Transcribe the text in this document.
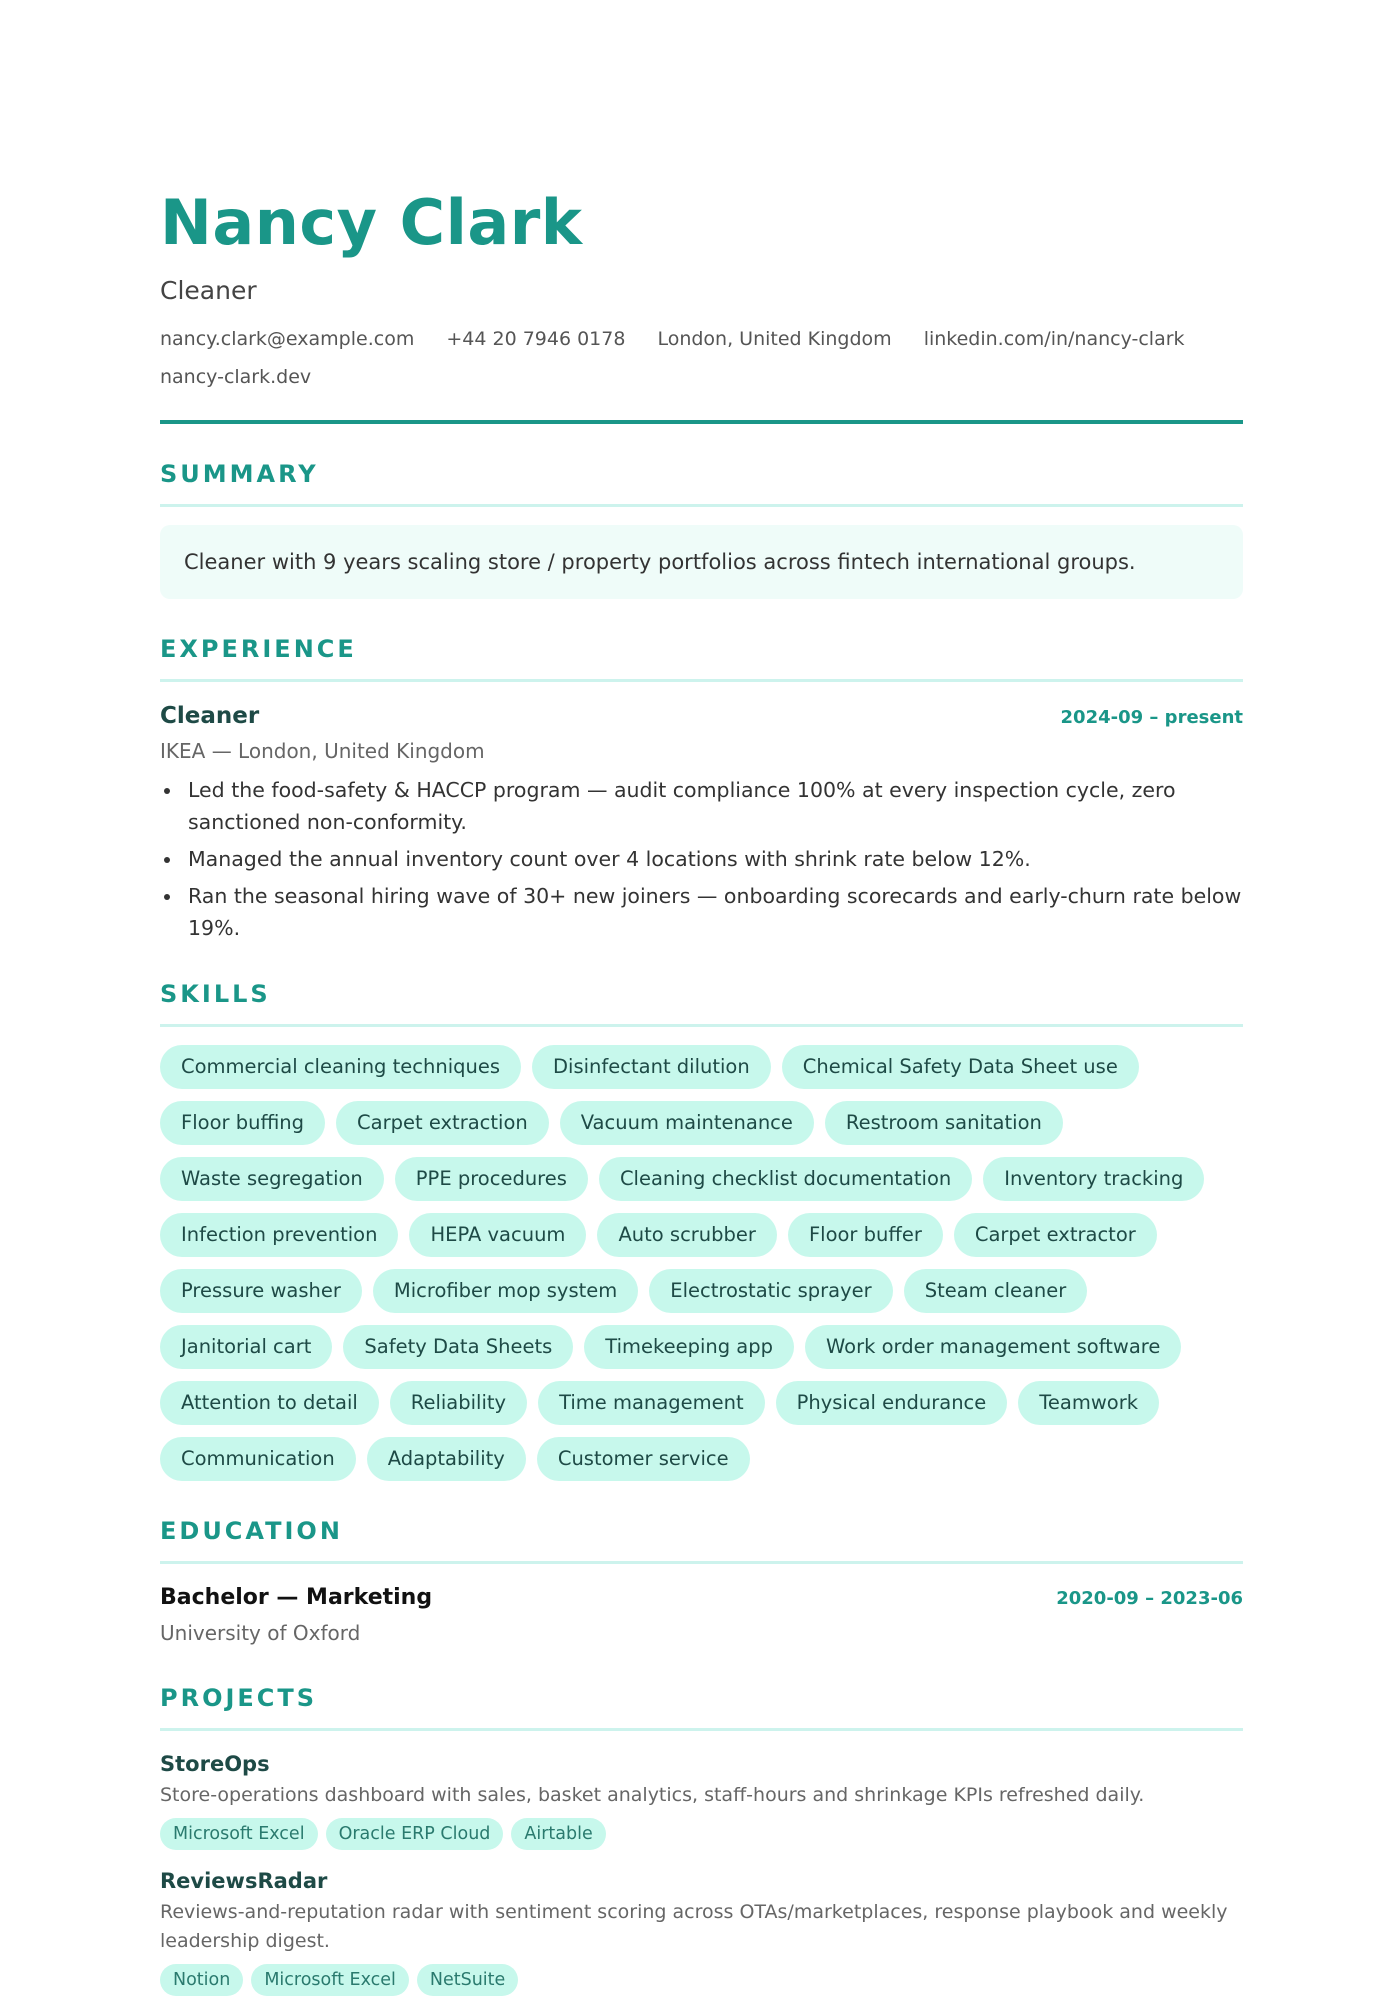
Nancy Clark
Cleaner
nancy.clark@example.com +44 20 7946 0178 London, United Kingdom linkedin.com/in/nancy-clark
nancy-clark.dev
SUMMARY
Cleaner with 9 years scaling store / property portfolios across fintech international groups.
EXPERIENCE
Cleaner	2024-09 – present
IKEA — London, United Kingdom
Led the food-safety & HACCP program — audit compliance 100% at every inspection cycle, zero sanctioned non-conformity.
Managed the annual inventory count over 4 locations with shrink rate below 12%.
Ran the seasonal hiring wave of 30+ new joiners — onboarding scorecards and early-churn rate below 19%.
SKILLS
Commercial cleaning techniques	Disinfectant dilution	Chemical Safety Data Sheet use
Floor buffing	Carpet extraction	Vacuum maintenance	Restroom sanitation
Waste segregation	PPE procedures	Cleaning checklist documentation	Inventory tracking
Infection prevention	HEPA vacuum	Auto scrubber	Floor buffer	Carpet extractor
Pressure washer	Microfiber mop system	Electrostatic sprayer	Steam cleaner
Janitorial cart	Safety Data Sheets	Timekeeping app	Work order management software
Attention to detail	Reliability	Time management	Physical endurance	Teamwork
Communication	Adaptability	Customer service
EDUCATION
Bachelor — Marketing	2020-09 – 2023-06
University of Oxford
PROJECTS
StoreOps
Store-operations dashboard with sales, basket analytics, staff-hours and shrinkage KPIs refreshed daily.
Microsoft Excel	Oracle ERP Cloud	Airtable
ReviewsRadar
Reviews-and-reputation radar with sentiment scoring across OTAs/marketplaces, response playbook and weekly leadership digest.
Notion	Microsoft Excel	NetSuite
